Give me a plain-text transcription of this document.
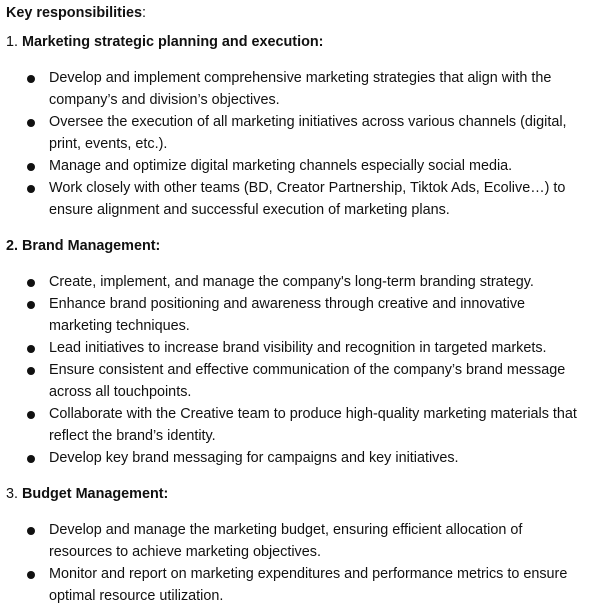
Key responsibilities:

1. Marketing strategic planning and execution:

Develop and implement comprehensive marketing strategies that align with the company’s and division’s objectives.
Oversee the execution of all marketing initiatives across various channels (digital, print, events, etc.).
Manage and optimize digital marketing channels especially social media.
Work closely with other teams (BD, Creator Partnership, Tiktok Ads, Ecolive…) to ensure alignment and successful execution of marketing plans.

2. Brand Management:

Create, implement, and manage the company's long-term branding strategy.
Enhance brand positioning and awareness through creative and innovative marketing techniques.
Lead initiatives to increase brand visibility and recognition in targeted markets.
Ensure consistent and effective communication of the company’s brand message across all touchpoints.
Collaborate with the Creative team to produce high-quality marketing materials that reflect the brand’s identity.
Develop key brand messaging for campaigns and key initiatives.

3. Budget Management:

Develop and manage the marketing budget, ensuring efficient allocation of resources to achieve marketing objectives.
Monitor and report on marketing expenditures and performance metrics to ensure optimal resource utilization.
